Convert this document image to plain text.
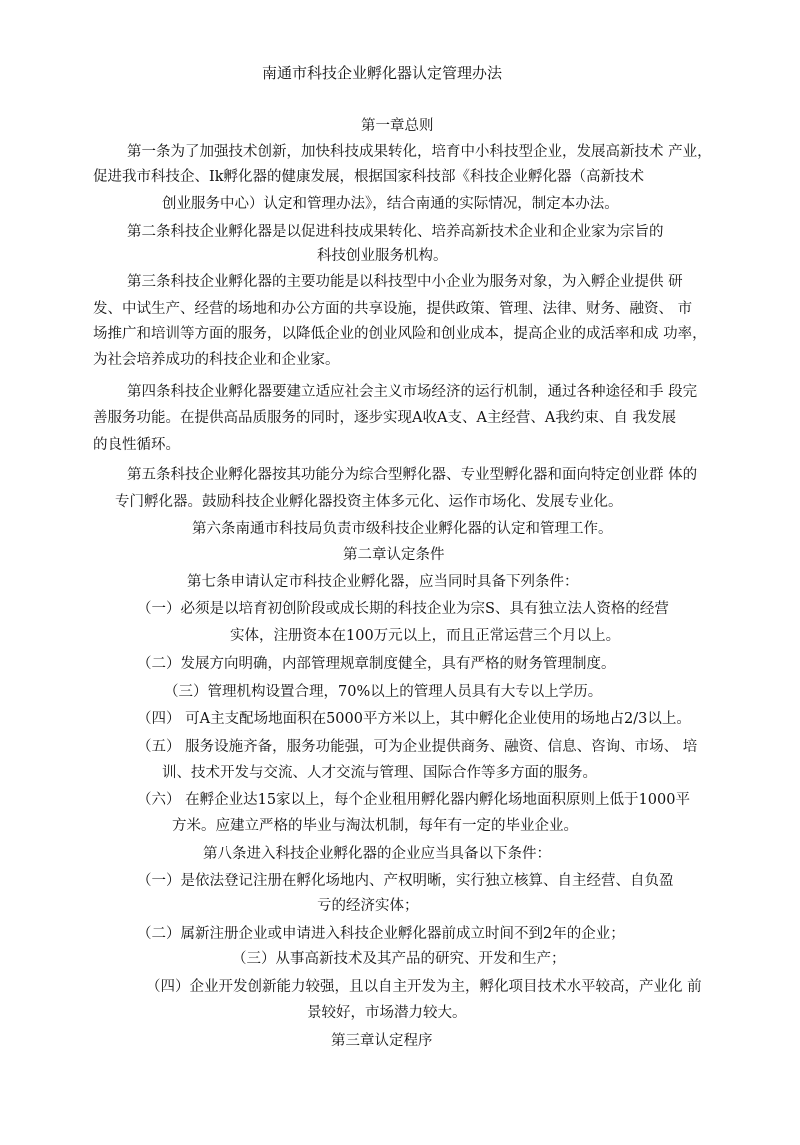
南通市科技企业孵化器认定管理办法
第一章总则
第一条为了加强技术创新，加快科技成果转化，培育中小科技型企业，发展高新技术 产业，
促进我市科技企、Ik孵化器的健康发展，根据国家科技部《科技企业孵化器（高新技术
创业服务中心）认定和管理办法》，结合南通的实际情况，制定本办法。
第二条科技企业孵化器是以促进科技成果转化、培养高新技术企业和企业家为宗旨的
科技创业服务机构。
第三条科技企业孵化器的主要功能是以科技型中小企业为服务对象，为入孵企业提供 研
发、中试生产、经营的场地和办公方面的共享设施，提供政策、管理、法律、财务、融资、 市
场推广和培训等方面的服务，以降低企业的创业风险和创业成本，提高企业的成活率和成 功率，
为社会培养成功的科技企业和企业家。
第四条科技企业孵化器要建立适应社会主义市场经济的运行机制，通过各种途径和手 段完
善服务功能。在提供高品质服务的同时，逐步实现A收A支、A主经营、A我约束、自 我发展
的良性循环。
第五条科技企业孵化器按其功能分为综合型孵化器、专业型孵化器和面向特定创业群 体的
专门孵化器。鼓励科技企业孵化器投资主体多元化、运作市场化、发展专业化。
第六条南通市科技局负责市级科技企业孵化器的认定和管理工作。
第二章认定条件
第七条申请认定市科技企业孵化器，应当同时具备下列条件：
（一）必须是以培育初创阶段或成长期的科技企业为宗S、具有独立法人资格的经营
实体，注册资本在100万元以上，而且正常运营三个月以上。
（二）发展方向明确，内部管理规章制度健全，具有严格的财务管理制度。
（三）管理机构设置合理，70%以上的管理人员具有大专以上学历。
（四） 可A主支配场地面积在5000平方米以上，其中孵化企业使用的场地占2/3以上。
（五） 服务设施齐备，服务功能强，可为企业提供商务、融资、信息、咨询、市场、 培
训、技术开发与交流、人才交流与管理、国际合作等多方面的服务。
（六） 在孵企业达15家以上，每个企业租用孵化器内孵化场地面积原则上低于1000平
方米。应建立严格的毕业与淘汰机制，每年有一定的毕业企业。
第八条进入科技企业孵化器的企业应当具备以下条件：
（一）是依法登记注册在孵化场地内、产权明晰，实行独立核算、自主经营、自负盈
亏的经济实体；
（二）属新注册企业或申请进入科技企业孵化器前成立时间不到2年的企业；
（三）从事高新技术及其产品的研究、开发和生产；
（四）企业开发创新能力较强，且以自主开发为主，孵化项目技术水平较高，产业化 前
景较好，市场潜力较大。
第三章认定程序
